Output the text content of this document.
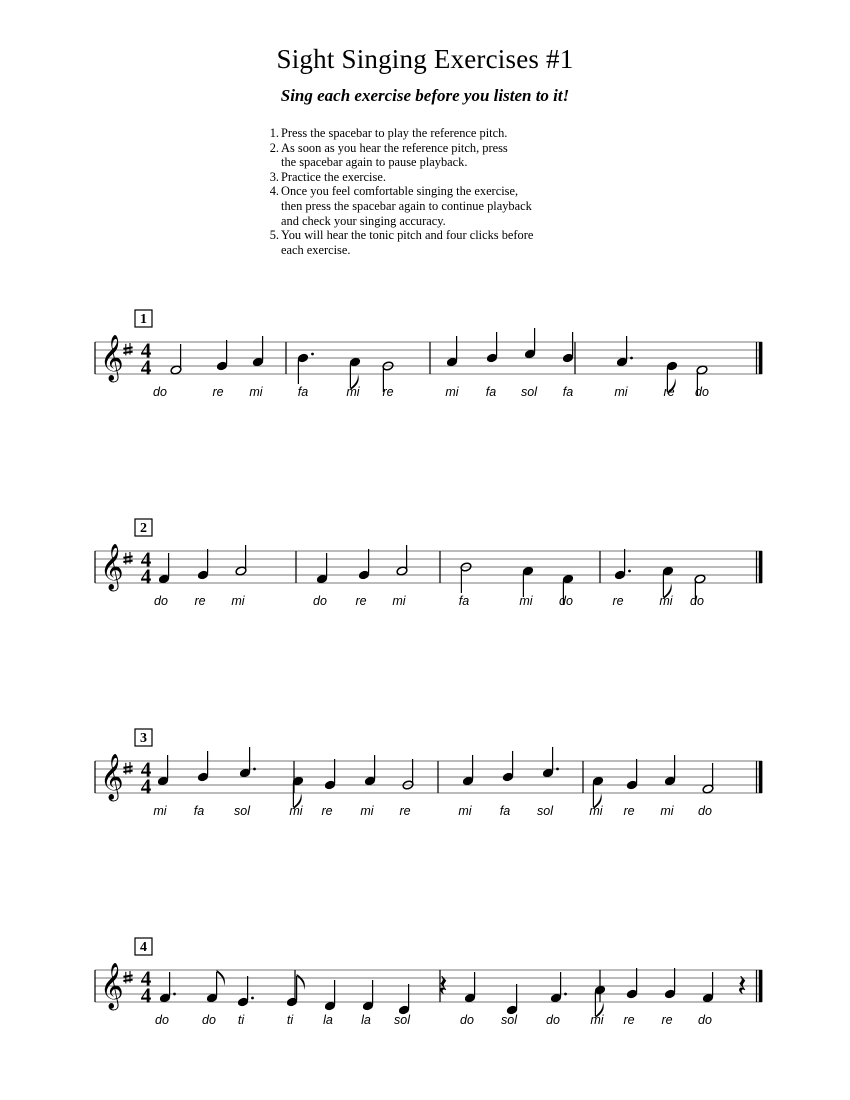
Sight Singing Exercises #1
Sing each exercise before you listen to it!
1. Press the spacebar to play the reference pitch.
2. As soon as you hear the reference pitch, press
the spacebar again to pause playback.
3. Practice the exercise.
4. Once you feel comfortable singing the exercise,
then press the spacebar again to continue playback
and check your singing accuracy.
5. You will hear the tonic pitch and four clicks before
each exercise.
𝄞 4
4
1
𝄞 4
4
2
𝄞 4
4
3
𝄞 4
4
4
𝄽	𝄽
do	re mi	fa	mi re	mi fa sol fa	mi	re do
do re mi	do re mi	fa	mi do	re	mi do
mi fa sol	mi re mi re	mi fa sol	mi re mi do
do	do ti	ti la la sol	do sol do mi re re do
